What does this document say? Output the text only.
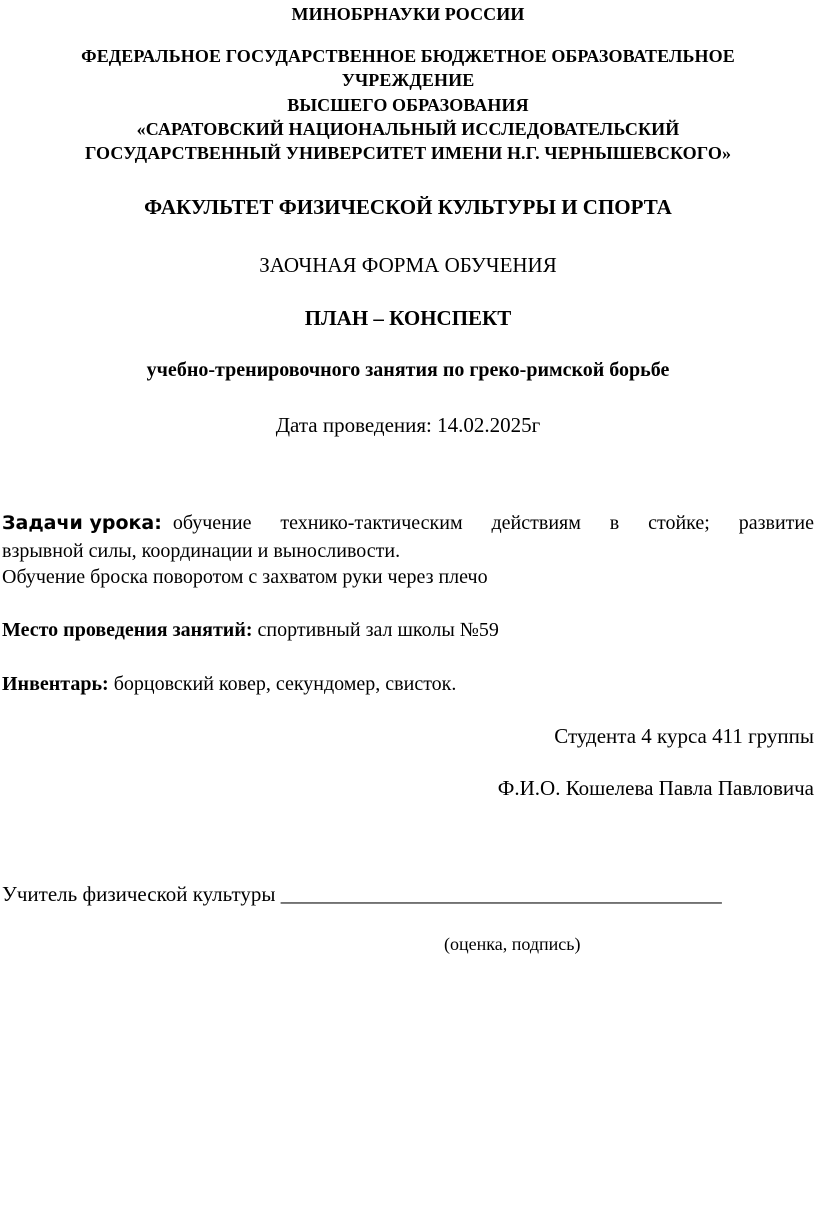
МИНОБРНАУКИ РОССИИ
ФЕДЕРАЛЬНОЕ ГОСУДАРСТВЕННОЕ БЮДЖЕТНОЕ ОБРАЗОВАТЕЛЬНОЕ
УЧРЕЖДЕНИЕ
ВЫСШЕГО ОБРАЗОВАНИЯ
«САРАТОВСКИЙ НАЦИОНАЛЬНЫЙ ИССЛЕДОВАТЕЛЬСКИЙ
ГОСУДАРСТВЕННЫЙ УНИВЕРСИТЕТ ИМЕНИ Н.Г. ЧЕРНЫШЕВСКОГО»
ФАКУЛЬТЕТ ФИЗИЧЕСКОЙ КУЛЬТУРЫ И СПОРТА
ЗАОЧНАЯ ФОРМА ОБУЧЕНИЯ
ПЛАН – КОНСПЕКТ
учебно-тренировочного занятия по греко-римской борьбе
Дата проведения: 14.02.2025г
Задачи урока: обучение технико-тактическим действиям в стойке; развитие
взрывной силы, координации и выносливости.
Обучение броска поворотом с захватом руки через плечо
Место проведения занятий: спортивный зал школы №59
Инвентарь: борцовский ковер, секундомер, свисток.
Студента 4 курса 411 группы
Ф.И.О. Кошелева Павла Павловича
Учитель физической культуры __________________________________________
(оценка, подпись)
